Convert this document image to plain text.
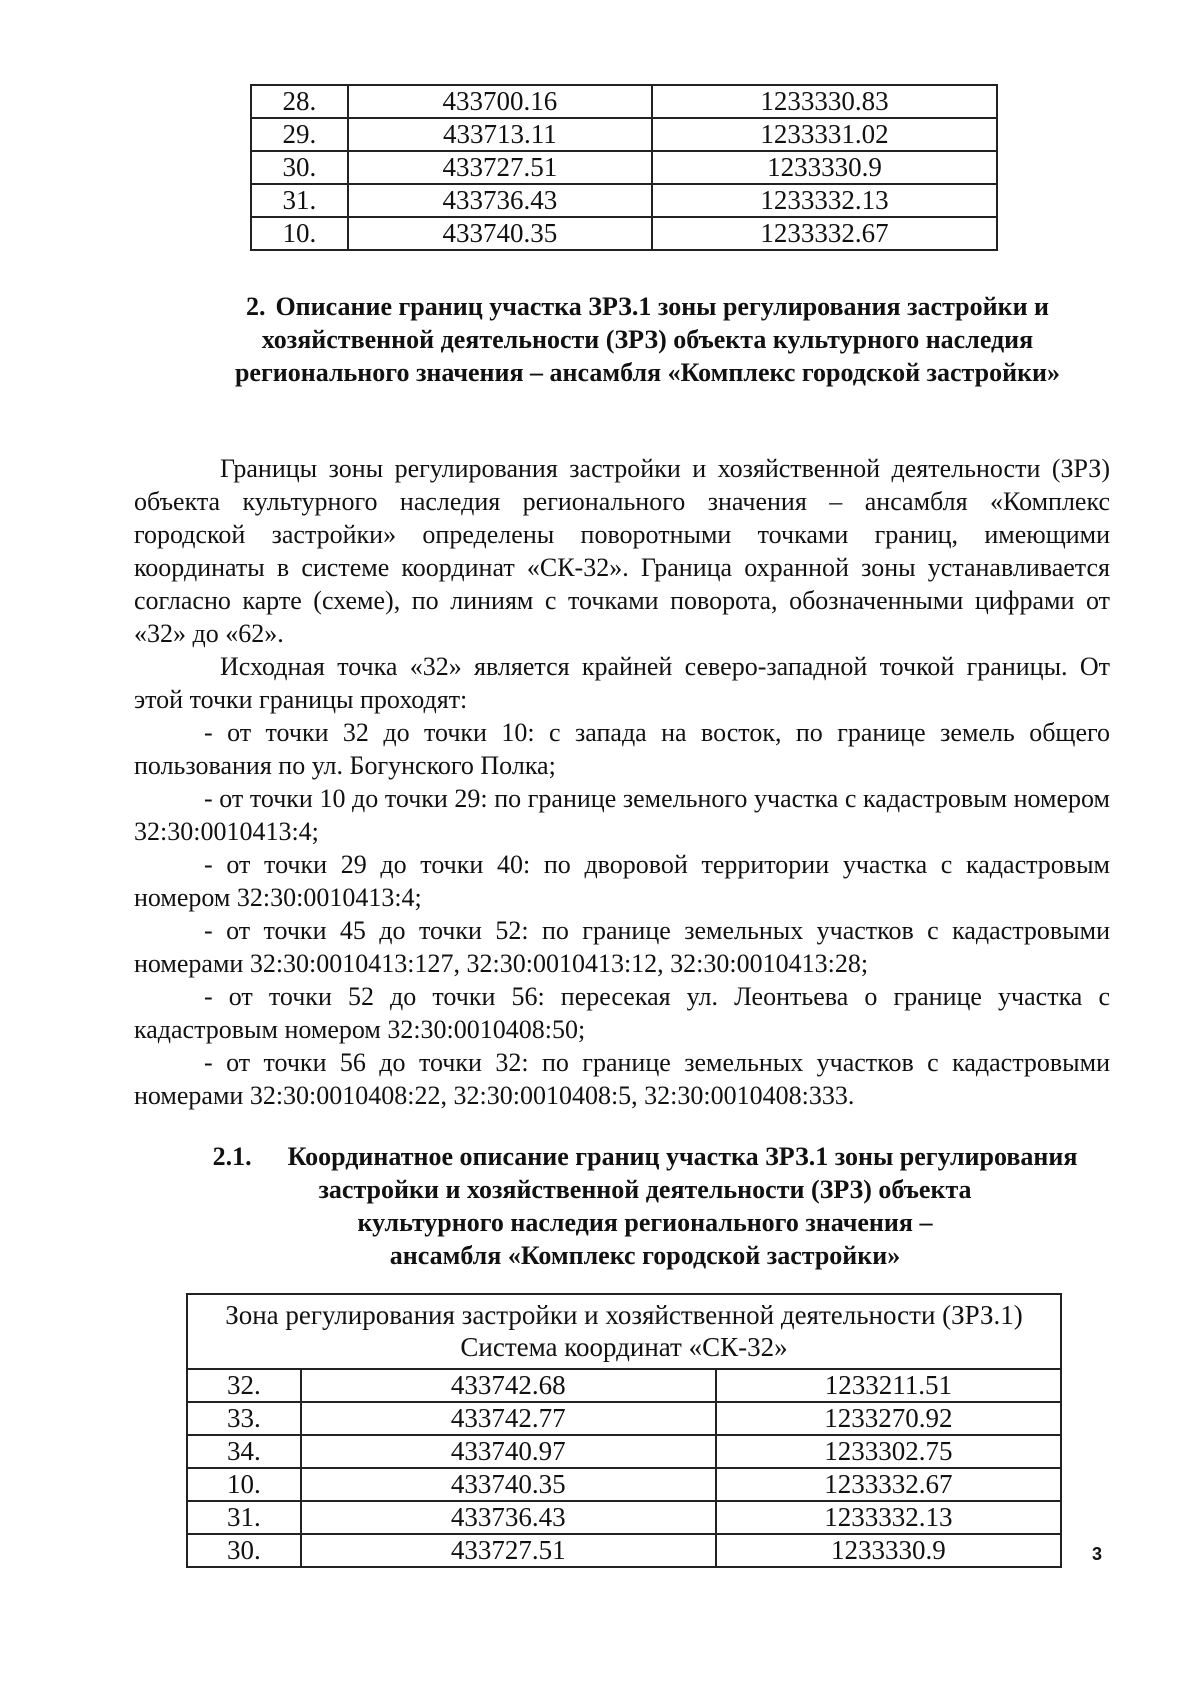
28.	433700.16	1233330.83
29.	433713.11	1233331.02
30.	433727.51	1233330.9
31.	433736.43	1233332.13
10.	433740.35	1233332.67
2. Описание границ участка ЗРЗ.1 зоны регулирования застройки и хозяйственной деятельности (ЗРЗ) объекта культурного наследия регионального значения – ансамбля «Комплекс городской застройки»

Границы зоны регулирования застройки и хозяйственной деятельности (ЗРЗ) объекта культурного наследия регионального значения – ансамбля «Комплекс городской застройки» определены поворотными точками границ, имеющими координаты в системе координат «СК-32». Граница охранной зоны устанавливается согласно карте (схеме), по линиям с точками поворота, обозначенными цифрами от «32» до «62».

Исходная точка «32» является крайней северо-западной точкой границы. От этой точки границы проходят:

- от точки 32 до точки 10: с запада на восток, по границе земель общего пользования по ул. Богунского Полка;

- от точки 10 до точки 29: по границе земельного участка с кадастровым номером 32:30:0010413:4;

- от точки 29 до точки 40: по дворовой территории участка с кадастровым номером 32:30:0010413:4;

- от точки 45 до точки 52: по границе земельных участков с кадастровыми номерами 32:30:0010413:127, 32:30:0010413:12, 32:30:0010413:28;

- от точки 52 до точки 56: пересекая ул. Леонтьева о границе участка с кадастровым номером 32:30:0010408:50;

- от точки 56 до точки 32: по границе земельных участков с кадастровыми номерами 32:30:0010408:22, 32:30:0010408:5, 32:30:0010408:333.

2.1. Координатное описание границ участка ЗРЗ.1 зоны регулирования
застройки и хозяйственной деятельности (ЗРЗ) объекта
культурного наследия регионального значения –
ансамбля «Комплекс городской застройки»
Зона регулирования застройки и хозяйственной деятельности (ЗРЗ.1)
Система координат «СК-32»		

32.	433742.68	1233211.51
33.	433742.77	1233270.92
34.	433740.97	1233302.75
10.	433740.35	1233332.67
31.	433736.43	1233332.13
30.	433727.51	1233330.9	3
